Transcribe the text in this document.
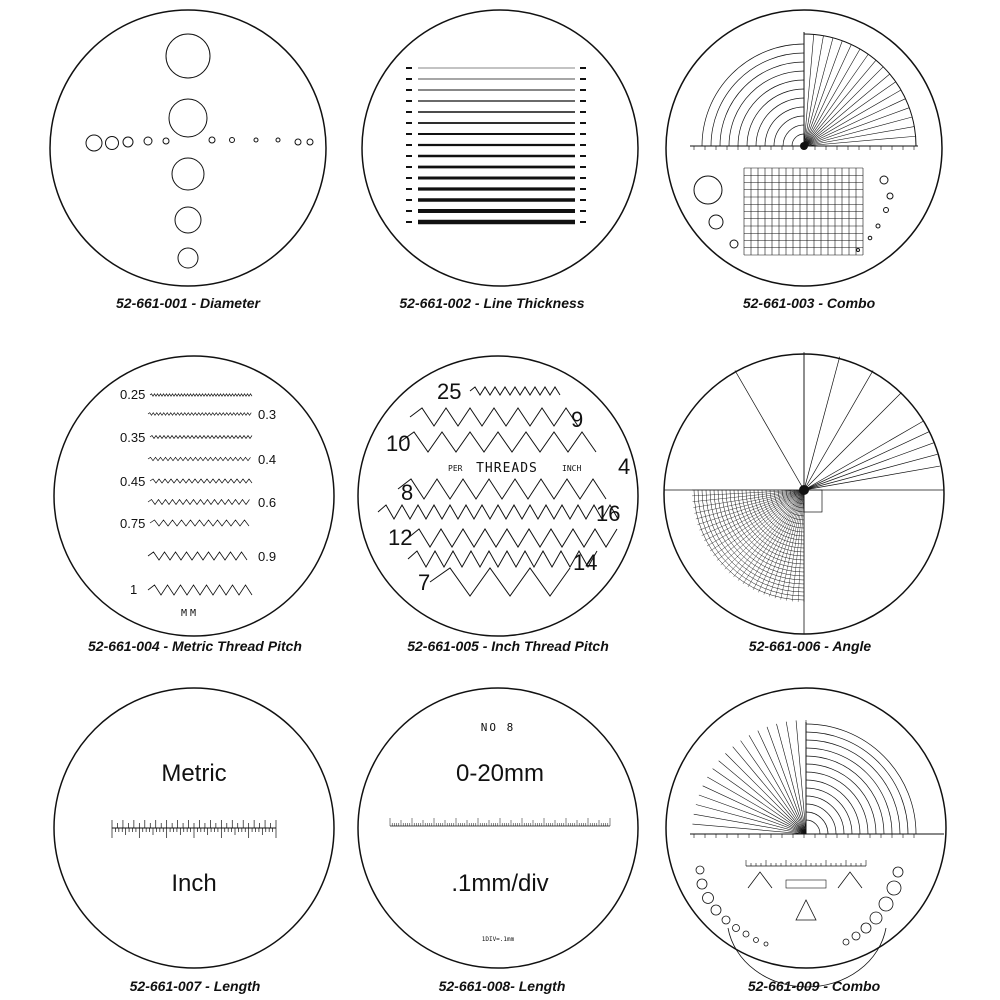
0.25
0.35
0.45
0.75
1
0.3
0.4
0.6
0.9
MM
25
9
10
4
8
16
12
14
7
THREADS
PER	INCH
Metric
Inch
NO 8
0-20mm
.1mm/div
1DIV=.1mm
52-661-001 - Diameter	52-661-002 - Line Thickness	52-661-003 - Combo
52-661-004 - Metric Thread Pitch	52-661-005 - Inch Thread Pitch	52-661-006 - Angle
52-661-007 - Length	52-661-008- Length	52-661-009 - Combo
